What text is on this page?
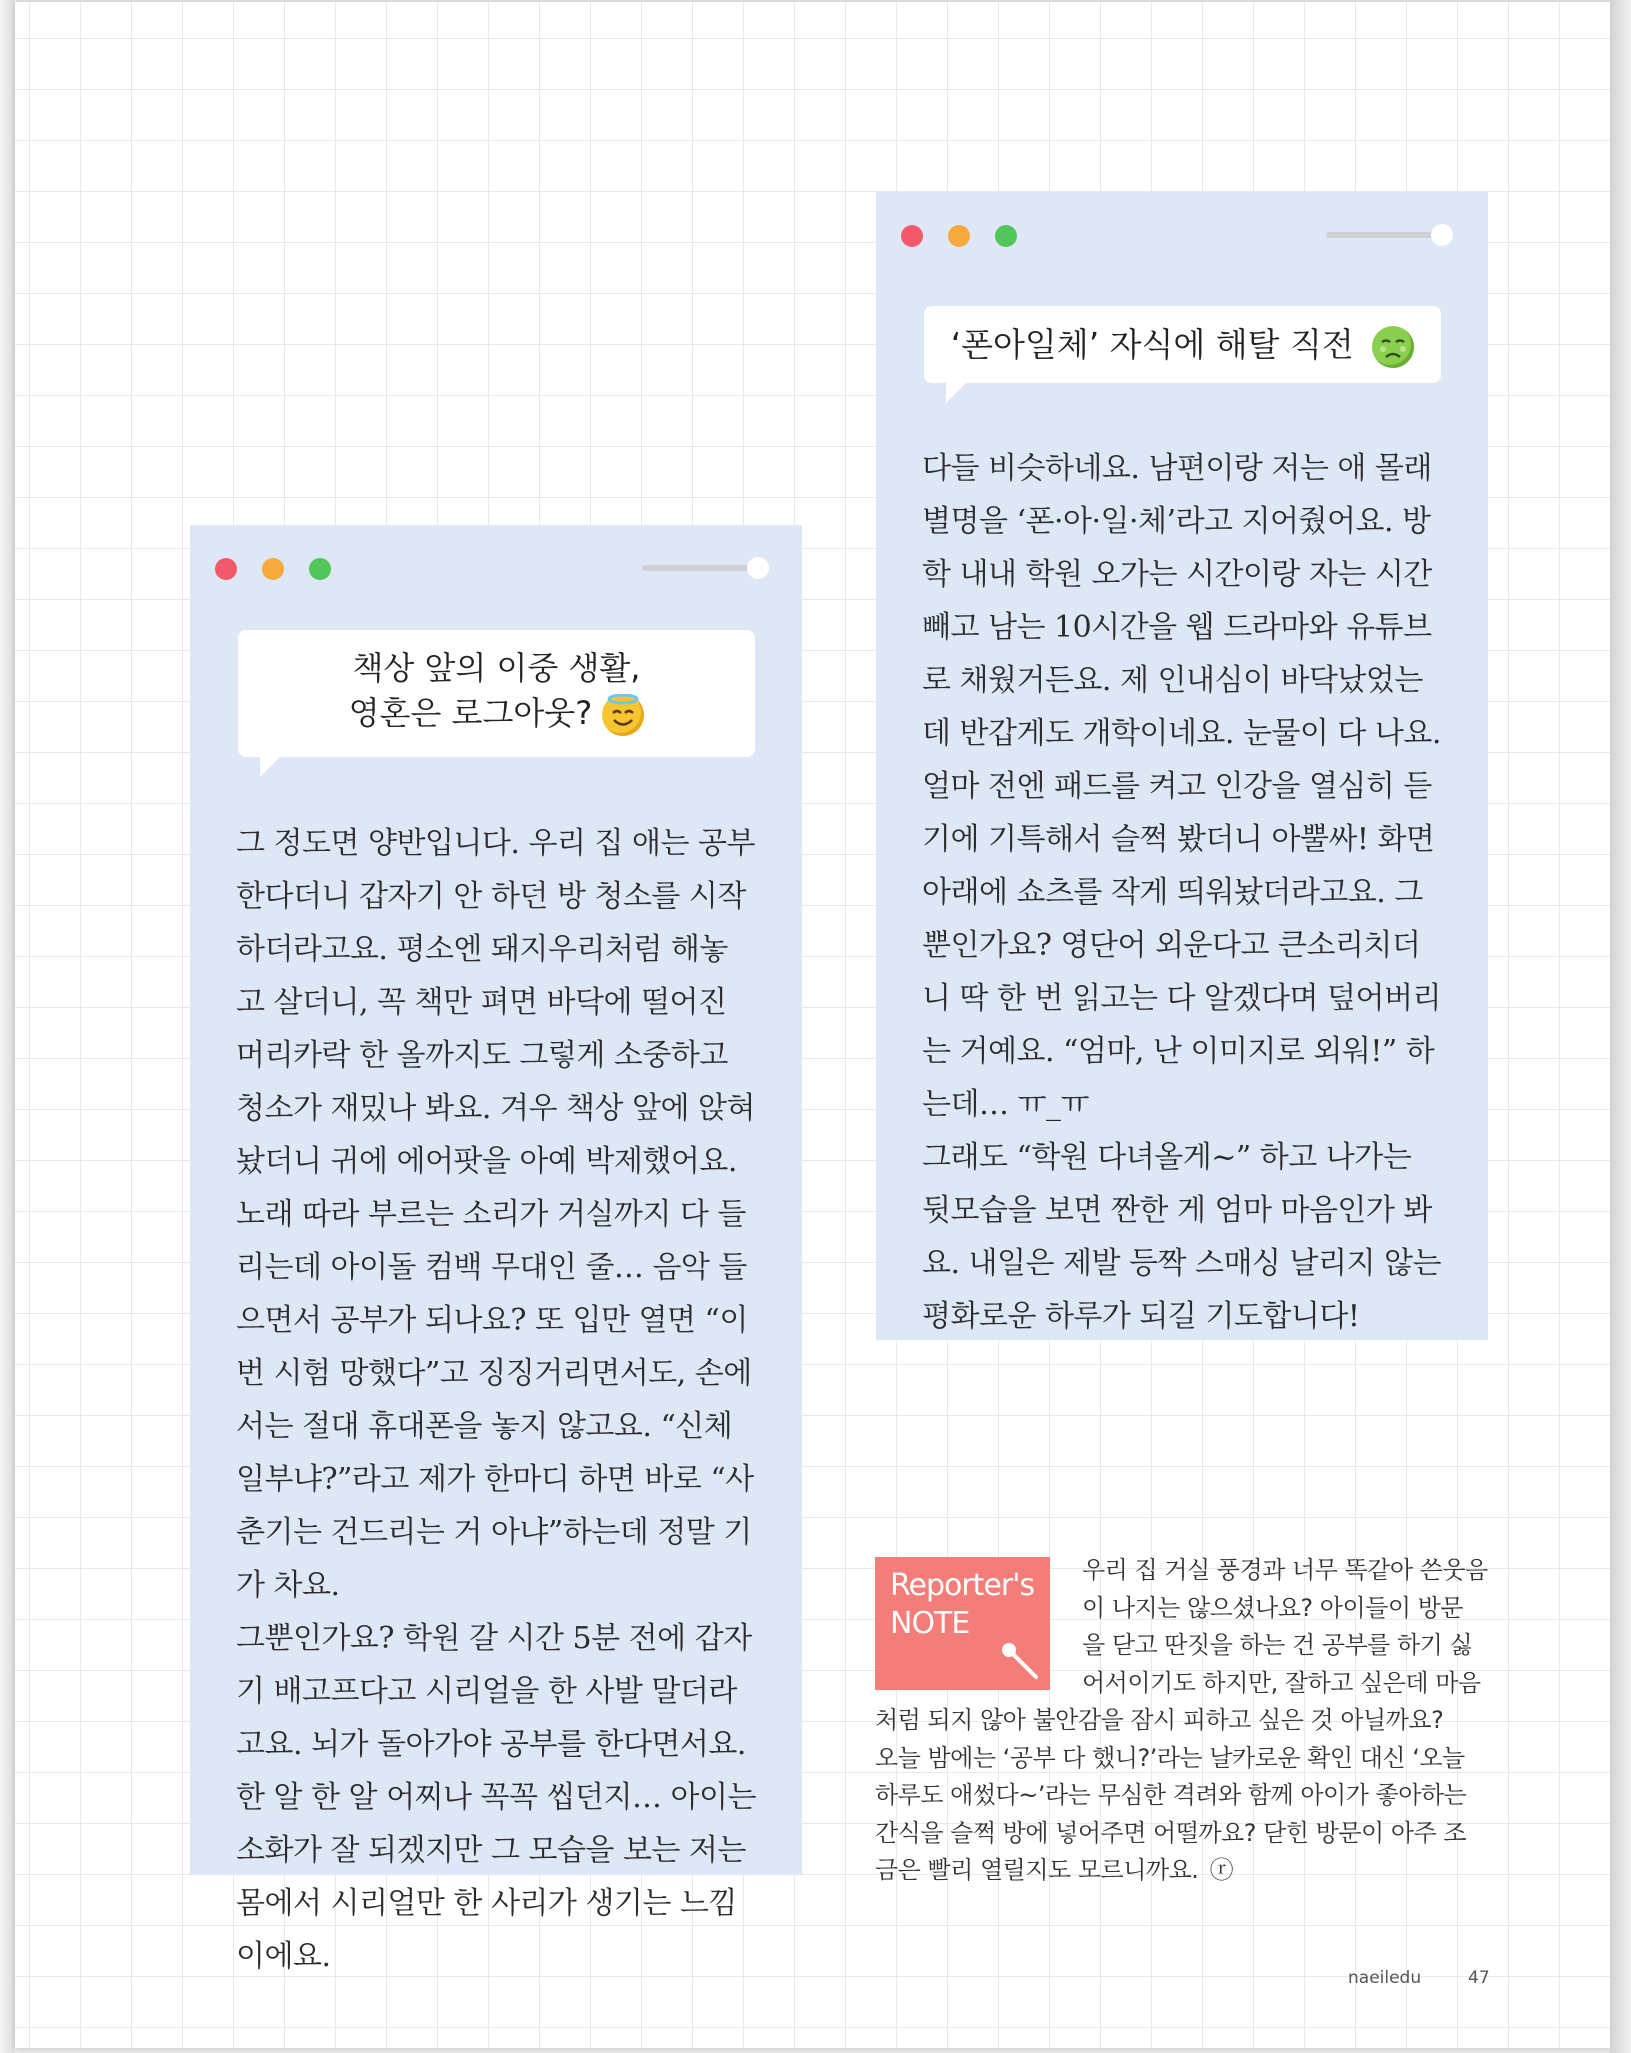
책상 앞의 이중 생활,
영혼은 로그아웃?

그 정도면 양반입니다. 우리 집 애는 공부한다더니 갑자기 안 하던 방 청소를 시작하더라고요. 평소엔 돼지우리처럼 해놓고 살더니, 꼭 책만 펴면 바닥에 떨어진 머리카락 한 올까지도 그렇게 소중하고 청소가 재밌나 봐요. 겨우 책상 앞에 앉혀놨더니 귀에 에어팟을 아예 박제했어요. 노래 따라 부르는 소리가 거실까지 다 들리는데 아이돌 컴백 무대인 줄… 음악 들으면서 공부가 되나요? 또 입만 열면 “이번 시험 망했다”고 징징거리면서도, 손에서는 절대 휴대폰을 놓지 않고요. “신체 일부냐?”라고 제가 한마디 하면 바로 “사춘기는 건드리는 거 아냐”하는데 정말 기가 차요.

그뿐인가요? 학원 갈 시간 5분 전에 갑자기 배고프다고 시리얼을 한 사발 말더라고요. 뇌가 돌아가야 공부를 한다면서요. 한 알 한 알 어찌나 꼭꼭 씹던지… 아이는 소화가 잘 되겠지만 그 모습을 보는 저는 몸에서 시리얼만 한 사리가 생기는 느낌이에요.

‘폰아일체’ 자식에 해탈 직전

다들 비슷하네요. 남편이랑 저는 애 몰래 별명을 ‘폰·아·일·체’라고 지어줬어요. 방학 내내 학원 오가는 시간이랑 자는 시간 빼고 남는 10시간을 웹 드라마와 유튜브로 채웠거든요. 제 인내심이 바닥났었는데 반갑게도 개학이네요. 눈물이 다 나요.

얼마 전엔 패드를 켜고 인강을 열심히 듣기에 기특해서 슬쩍 봤더니 아뿔싸! 화면 아래에 쇼츠를 작게 띄워놨더라고요. 그뿐인가요? 영단어 외운다고 큰소리치더니 딱 한 번 읽고는 다 알겠다며 덮어버리는 거예요. “엄마, 난 이미지로 외워!” 하는데… ㅠ_ㅠ

그래도 “학원 다녀올게~” 하고 나가는 뒷모습을 보면 짠한 게 엄마 마음인가 봐요. 내일은 제발 등짝 스매싱 날리지 않는 평화로운 하루가 되길 기도합니다!

Reporter's
NOTE
우리 집 거실 풍경과 너무 똑같아 쓴웃음
이 나지는 않으셨나요? 아이들이 방문
을 닫고 딴짓을 하는 건 공부를 하기 싫
어서이기도 하지만, 잘하고 싶은데 마음
처럼 되지 않아 불안감을 잠시 피하고 싶은 것 아닐까요?
오늘 밤에는 ‘공부 다 했니?’라는 날카로운 확인 대신 ‘오늘
하루도 애썼다~’라는 무심한 격려와 함께 아이가 좋아하는
간식을 슬쩍 방에 넣어주면 어떨까요? 닫힌 방문이 아주 조
금은 빨리 열릴지도 모르니까요. ⓡ
naeiledu	47
